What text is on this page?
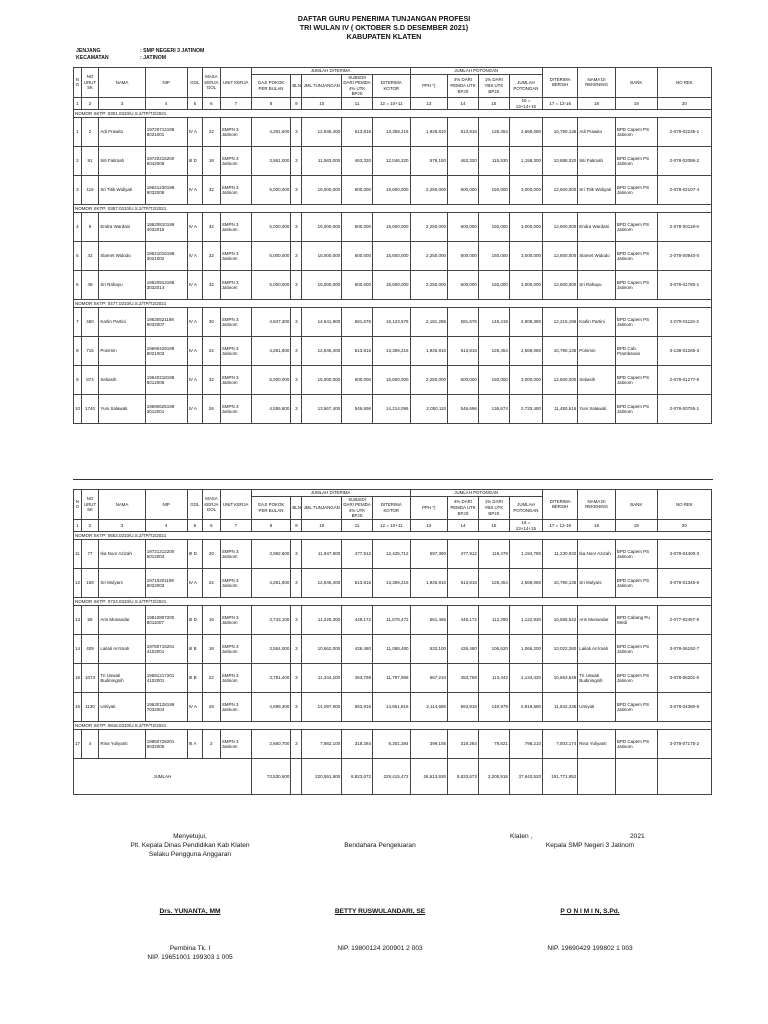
DAFTAR GURU PENERIMA TUNJANGAN PROFESI
TRI WULAN IV ( OKTOBER S.D DESEMBER 2021)
KABUPATEN KLATEN
JENJANG	: SMP NEGERI 3 JATINOM
KECAMATAN	: JATINOM
N O	NO URUT SK	NAMA	NIP	GOL	MASA KERJA GOL	UNIT KERJA	JUMLAH DITERIMA					JUMLAH POTONGAN				DITERIMA BERSIH	NAMA DI REKENING	BANK	NO REK
							GAJI POKOK PER BULAN	BLN	JML TUNJANGAN	SUBSIDI DARI PEMDA 4% UTK BPJS	DITERIMA KOTOR	PPH *)	4% DARI PEMDA UTK BPJS	1% DARI YBS UTK BPJS	JUMLAH POTONGAN				
1	2	3	4	5	6	7	8	9	10	11	12 = 10+11	13	14	15	16 = 13+14+15	17 = 12-16	18	19	20
NOMOR SKTP: 0301.0310/U.S.2/TP/T2/2021																			
1	2	Adi Prawito	19720712199 8021001	IV A	22	SMPN 3 Jatinom	4,281,600	3	12,845,400	513,816	13,359,216	1,926,810	513,816	128,454	2,569,080	10,790,136	Adi Prawito	BPD Capem PS Jatinom	2-078-02235-1
2	91	Siti Fatimah	19720215200 6042008	III D	18	SMPN 3 Jatinom	3,861,000	3	11,583,000	463,320	12,046,320	579,150	463,320	115,830	1,158,300	10,888,020	Siti Fatimah	BPD Capem PS Jatinom	2-078-02086-2
3	115	Sri Titik Widiyati	19641230198 9032008	IV A	32	SMPN 3 Jatinom	5,000,000	3	15,000,000	600,000	15,600,000	2,250,000	600,000	150,000	3,000,000	12,600,000	Sri Titik Widiyati	BPD Capem PS Jatinom	2-078-02107-4
NOMOR SKTP: 0387.0310/U.S.2/TP/T2/2021																			
4	8	Endra Wardani	19620810198 4032015	IV A	32	SMPN 3 Jatinom	5,000,000	3	15,000,000	600,000	15,600,000	2,250,000	600,000	150,000	3,000,000	12,600,000	Endra Wardani	BPD Capem PS Jatinom	2-078-00118-0
5	42	Slamet Widodo	19621015198 3021002	IV A	32	SMPN 3 Jatinom	5,000,000	3	15,000,000	600,000	15,600,000	2,250,000	600,000	150,000	3,000,000	12,600,000	Slamet Widodo	BPD Capem PS Jatinom	2-078-00940-0
6	49	Sri Rahayu	19620913198 3032014	IV A	32	SMPN 3 Jatinom	5,000,000	3	15,000,000	600,000	15,600,000	2,250,000	600,000	150,000	3,000,000	12,600,000	Sri Rahayu	BPD Capem PS Jatinom	3-078-01780-1
NOMOR SKTP: 0477.0310/U.S.2/TP/T2/2021																			
7	460	Karlin Partini	19630521198 9032007	IV A	30	SMPN 3 Jatinom	4,847,300	3	14,541,900	581,676	15,123,576	2,181,285	581,676	145,419	2,908,380	12,215,196	Karlin Partini	BPD Capem PS Jatinom	2-078-01115-3
8	715	Ponimin	19690429199 8021003	IV A	22	SMPN 3 Jatinom	4,281,600	3	12,845,400	513,816	13,359,216	1,926,810	513,816	128,454	2,569,080	10,790,136	Ponimin	BPD Cab. Prambanan	3-138-01265-3
9	874	Setiasih	19640218198 6012006	IV A	32	SMPN 3 Jatinom	5,000,000	3	15,000,000	600,000	15,600,000	2,250,000	600,000	150,000	3,000,000	12,600,000	Setiasih	BPD Capem PS Jatinom	2-078-01277-6
10	1740	Yuni Salawati	19690625199 3012001	IV A	26	SMPN 3 Jatinom	4,555,800	3	13,667,400	546,696	14,214,096	2,050,110	546,696	136,674	2,733,480	11,480,616	Yuni Salawati	BPD Capem PS Jatinom	2-078-00755-1
N O	NO URUT SK	NAMA	NIP	GOL	MASA KERJA GOL	UNIT KERJA	JUMLAH DITERIMA					JUMLAH POTONGAN				DITERIMA BERSIH	NAMA DI REKENING	BANK	NO REK
							GAJI POKOK PER BULAN	BLN	JML TUNJANGAN	SUBSIDI DARI PEMDA 4% UTK BPJS	DITERIMA KOTOR	PPH *)	4% DARI PEMDA UTK BPJS	1% DARI YBS UTK BPJS	JUMLAH POTONGAN				
1	2	3	4	5	6	7	8	9	10	11	12 = 10+11	13	14	15	16 = 13+14+15	17 = 12-16	18	19	20
NOMOR SKTP: 0553.0310/U.S.2/TP/T2/2021																			
11	77	Ika Noor Azizah	19721212200 5012004	III D	20	SMPN 3 Jatinom	3,982,600	3	11,947,800	477,912	12,425,712	597,390	477,912	119,478	1,194,780	11,230,932	Ika Noor Azizah	BPD Capem PS Jatinom	3-078-04400-3
12	159	Sri Mulyani	19710201199 8022003	IV A	22	SMPN 3 Jatinom	4,281,600	3	12,845,400	513,816	13,359,216	1,926,810	513,816	128,454	2,569,080	10,790,136	Sri Mulyani	BPD Capem PS Jatinom	3-078-01345-5
NOMOR SKTP: 0724.0310/U.S.2/TP/T2/2021																			
13	58	Aris Munandar	19810807200 8011007	III D	16	SMPN 3 Jatinom	3,743,100	3	11,229,300	449,172	11,678,472	561,465	449,172	112,290	1,122,930	10,555,542	Aris Munandar	BPD Cabang Pu Wedi	2-077-02457-6
14	409	Lailati An'imah	19780715201 4102001	III B	18	SMPN 3 Jatinom	3,554,000	3	10,662,000	426,480	11,088,480	533,100	426,480	106,620	1,066,200	10,022,280	Lailati An'imah	BPD Capem PS Jatinom	3-078-06192-7
15	1073	Tri Uswati Budiningsih	19691217201 4102001	III B	22	SMPN 3 Jatinom	3,781,400	3	11,344,200	453,768	11,797,968	567,210	453,768	113,442	1,134,420	10,663,548	Tri Uswati Budiningsih	BPD Capem PS Jatinom	3-078-06201-0
16	1130	Umiyati	19630128198 7032004	IV A	28	SMPN 3 Jatinom	4,699,300	3	14,097,900	563,916	14,661,816	2,114,685	563,916	140,979	2,819,580	11,842,236	Umiyati	BPD Capem PS Jatinom	3-078-04380-5
NOMOR SKTP: 0816.0310/U.S.2/TP/T2/2021																			
17	4	Rina Yuliyanti	19850728201 9032005	III A	2	SMPN 3 Jatinom	2,660,700	3	7,982,100	319,284	8,301,384	399,105	319,284	79,821	798,210	7,503,174	Rina Yuliyanti	BPD Capem PS Jatinom	3-078-07175-2
JUMLAH							73,530,600		220,591,800	8,823,672	229,415,472	26,613,930	8,823,672	2,205,918	37,643,520	191,771,952			
Menyetujui,
Plt. Kepala Dinas Pendidikan Kab Klaten
Selaku Pengguna Anggaran
Drs. YUNANTA, MM
Pembina Tk. I
NIP. 19651001 199303 1 005
Bendahara Pengeluaran
BETTY RUSWULANDARI, SE
NIP. 19800124 200901 2 003
Klaten ,	2021
Kepala SMP Negeri 3 Jatinom
P O N I M I N, S.Pd.
NIP. 19690429 199802 1 003
